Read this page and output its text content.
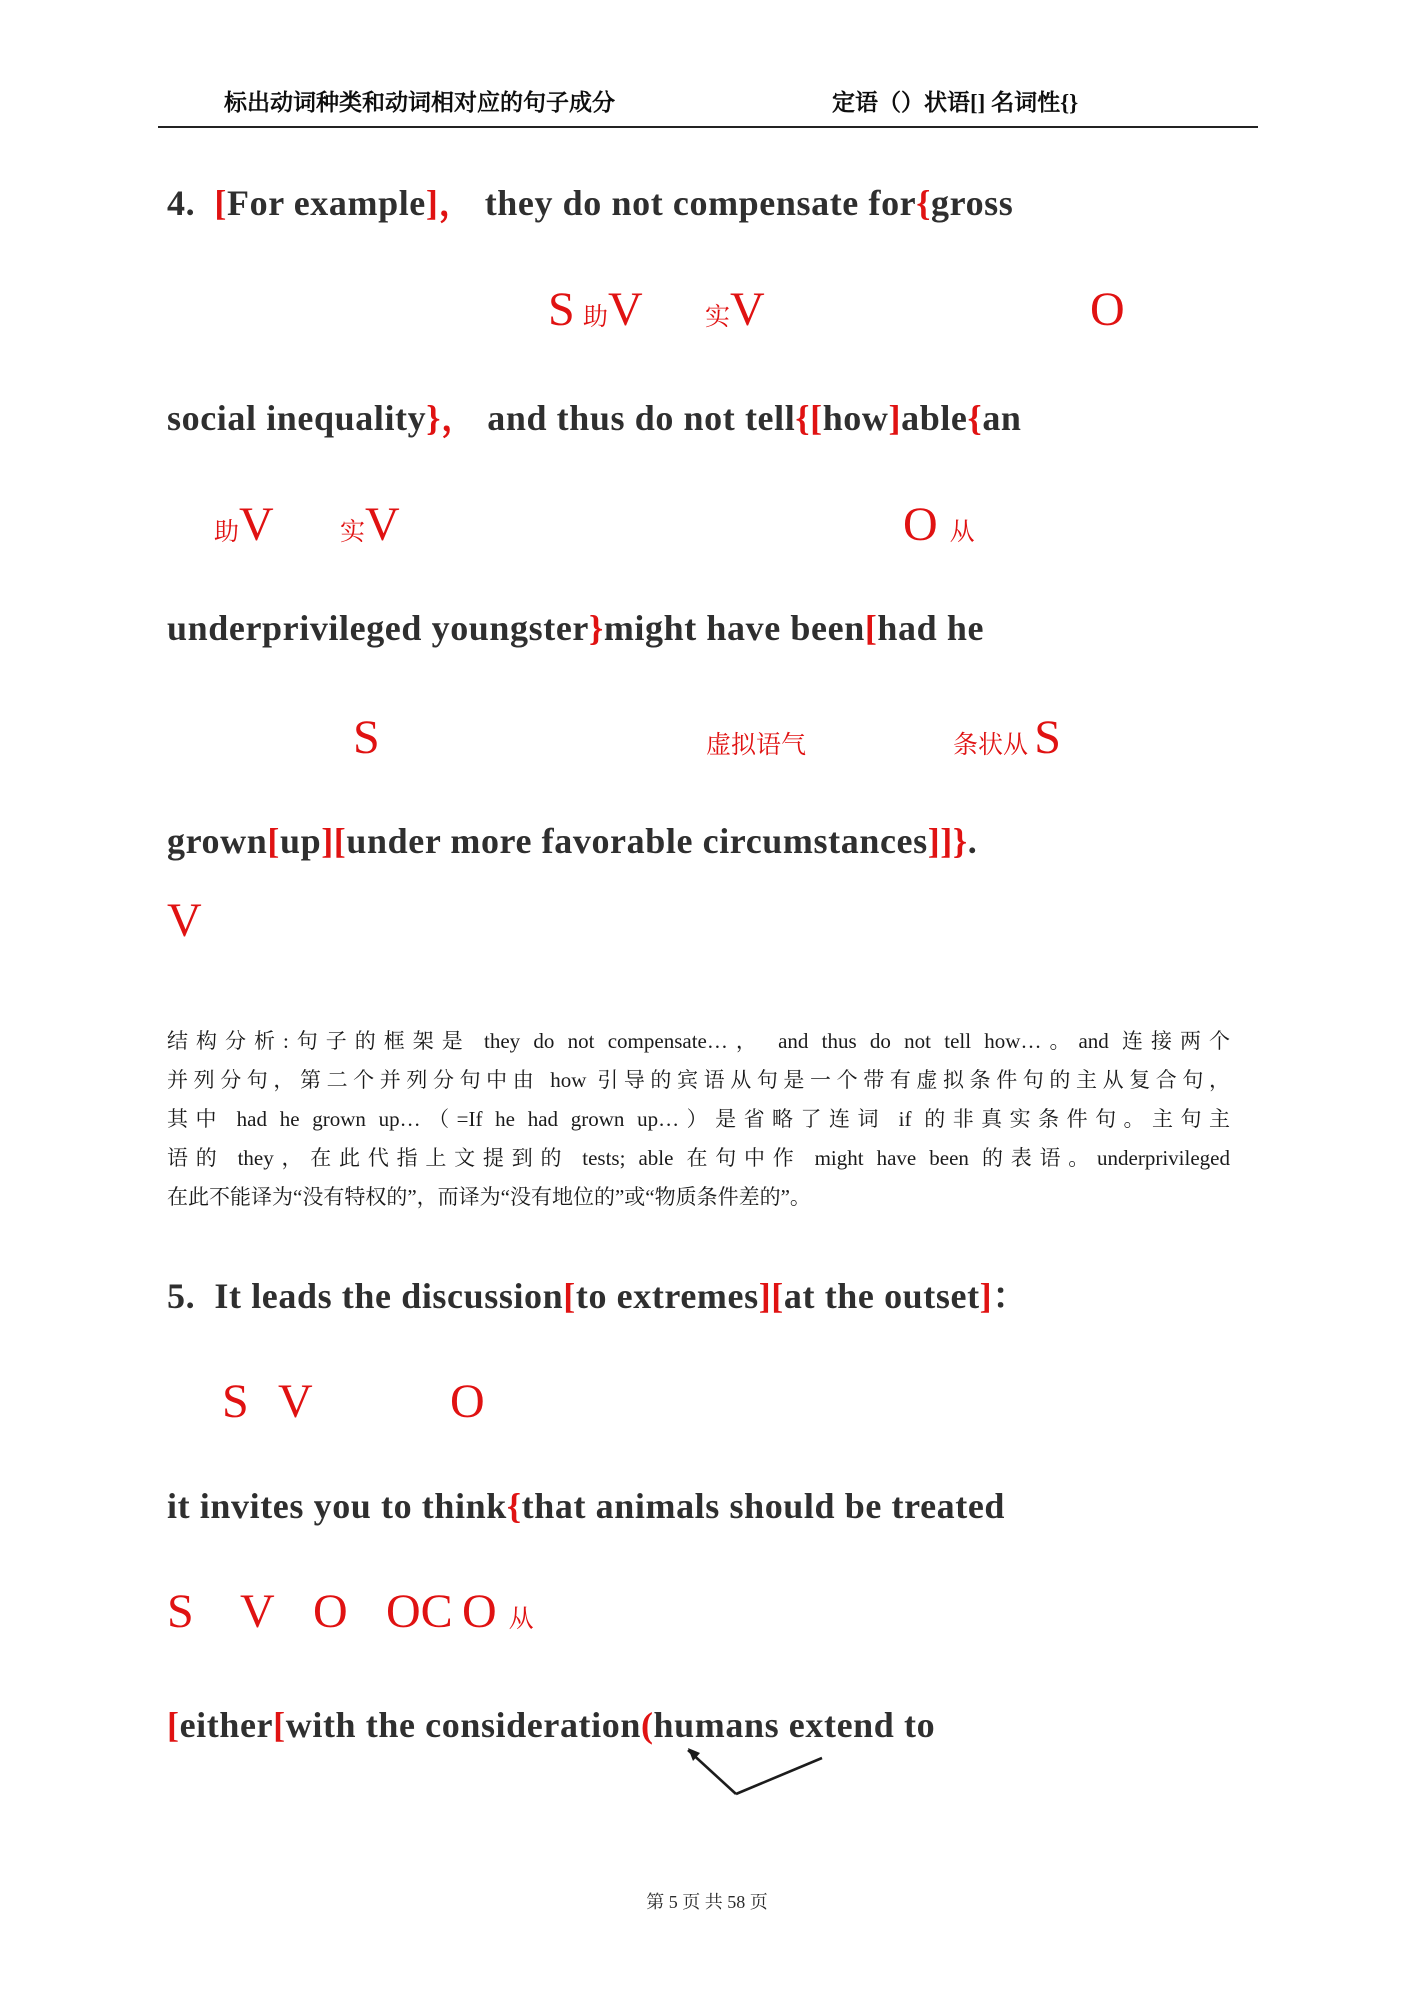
标出动词种类和动词相对应的句子成分	定语（）状语[] 名词性{}
4.  [For example]， they do not compensate for{gross
S 助 V 实 V	O
social inequality}， and thus do not tell{[how]able{an
助 V	实 V	O 从
underprivileged youngster}might have been[had he
S	虚拟语气	条状从 S
grown[up][under more favorable circumstances]]}.
V
结构分析:句子的框架是 they do not compensate…， and thus do not tell how…。and 连接两个
并列分句，第二个并列分句中由 how 引导的宾语从句是一个带有虚拟条件句的主从复合句，
其中 had he grown up…（=If he had grown up…）是省略了连词 if 的非真实条件句。主句主
语的 they，在此代指上文提到的 tests; able 在句中作 might have been 的表语。underprivileged
在此不能译为“没有特权的”，而译为“没有地位的”或“物质条件差的”。
5.  It leads the discussion[to extremes][at the outset]：
S V	O
it invites you to think{that animals should be treated
S V O OC O 从
[either[with the consideration(humans extend to
第 5 页 共 58 页
